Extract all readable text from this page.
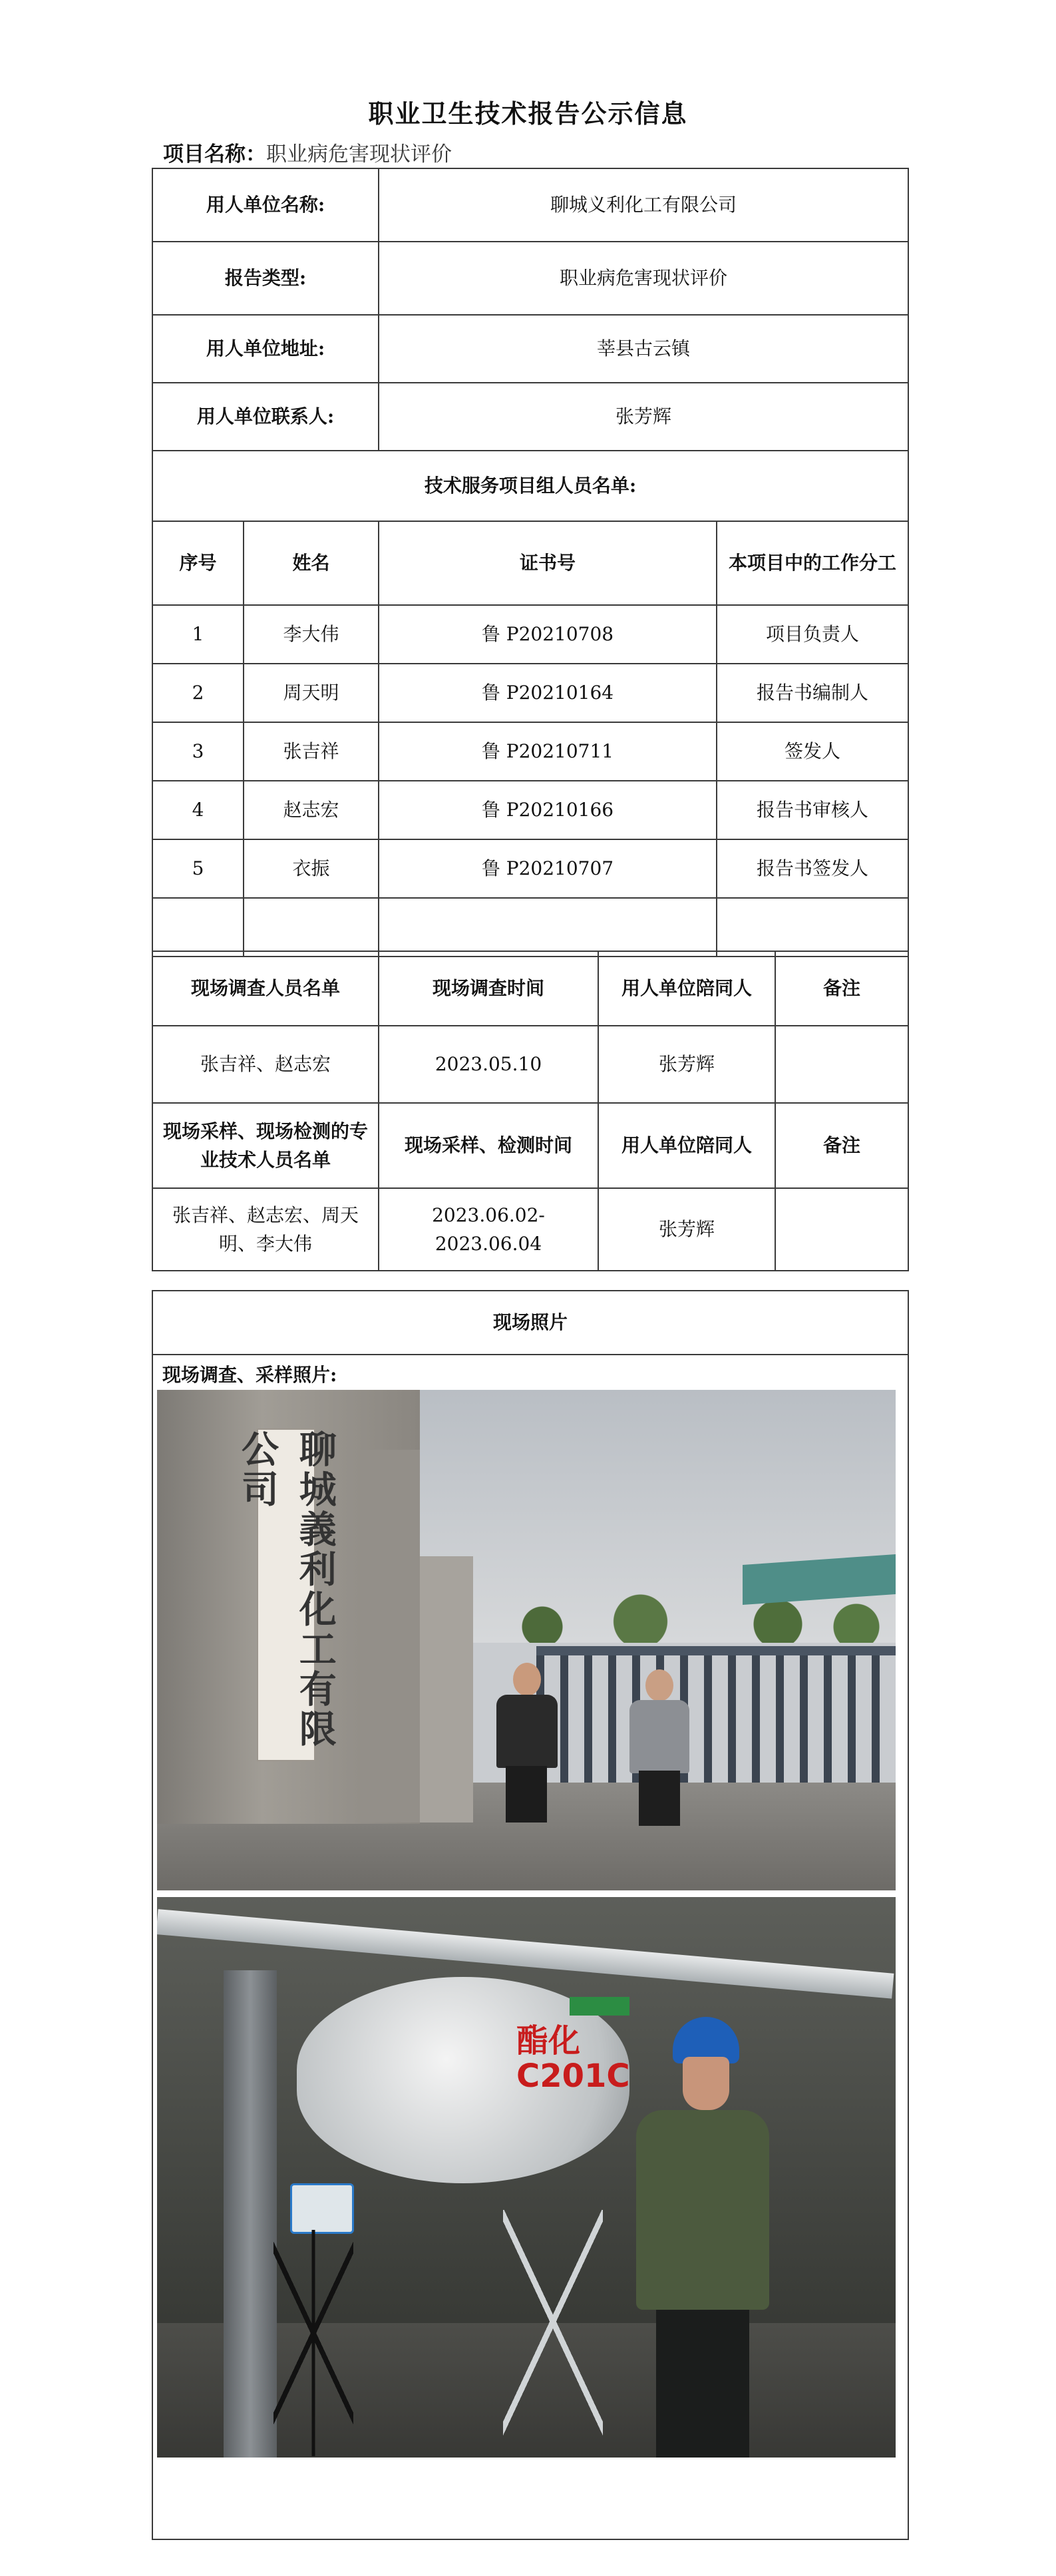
职业卫生技术报告公示信息
项目名称：职业病危害现状评价
用人单位名称:		聊城义利化工有限公司	
报告类型:		职业病危害现状评价	
用人单位地址:		莘县古云镇	
用人单位联系人:		张芳辉	
技术服务项目组人员名单:			
序号	姓名	证书号	本项目中的工作分工
1	李大伟	鲁 P20210708	项目负责人
2	周天明	鲁 P20210164	报告书编制人
3	张吉祥	鲁 P20210711	签发人
4	赵志宏	鲁 P20210166	报告书审核人
5	衣振	鲁 P20210707	报告书签发人

现场调查人员名单	现场调查时间	用人单位陪同人	备注
张吉祥、赵志宏	2023.05.10	张芳辉	
现场采样、现场检测的专业技术人员名单	现场采样、检测时间	用人单位陪同人	备注
张吉祥、赵志宏、周天明、李大伟	2023.06.02-2023.06.04	张芳辉	
现场照片

现场调查、采样照片:
聊城義利化工有限公司
酯化
C201C
